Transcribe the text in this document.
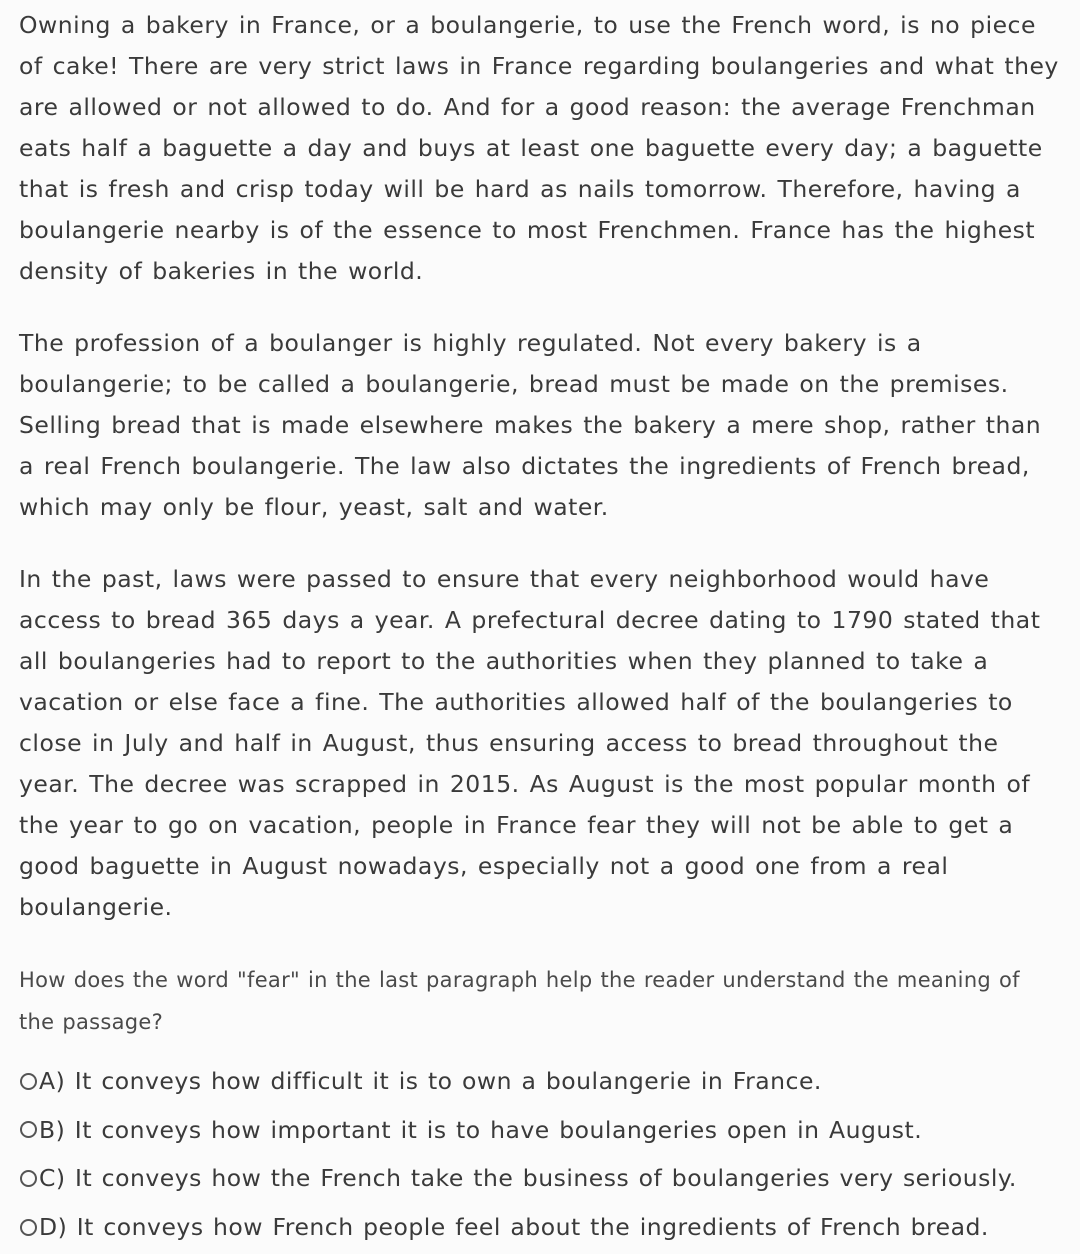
Owning a bakery in France, or a boulangerie, to use the French word, is no piece of cake! There are very strict laws in France regarding boulangeries and what they are allowed or not allowed to do. And for a good reason: the average Frenchman eats half a baguette a day and buys at least one baguette every day; a baguette that is fresh and crisp today will be hard as nails tomorrow. Therefore, having a boulangerie nearby is of the essence to most Frenchmen. France has the highest density of bakeries in the world.

The profession of a boulanger is highly regulated. Not every bakery is a boulangerie; to be called a boulangerie, bread must be made on the premises. Selling bread that is made elsewhere makes the bakery a mere shop, rather than a real French boulangerie. The law also dictates the ingredients of French bread, which may only be flour, yeast, salt and water.

In the past, laws were passed to ensure that every neighborhood would have access to bread 365 days a year. A prefectural decree dating to 1790 stated that all boulangeries had to report to the authorities when they planned to take a vacation or else face a fine. The authorities allowed half of the boulangeries to close in July and half in August, thus ensuring access to bread throughout the year. The decree was scrapped in 2015. As August is the most popular month of the year to go on vacation, people in France fear they will not be able to get a good baguette in August nowadays, especially not a good one from a real boulangerie.

How does the word "fear" in the last paragraph help the reader understand the meaning of the passage?

A) It conveys how difficult it is to own a boulangerie in France.
B) It conveys how important it is to have boulangeries open in August.
C) It conveys how the French take the business of boulangeries very seriously.
D) It conveys how French people feel about the ingredients of French bread.
